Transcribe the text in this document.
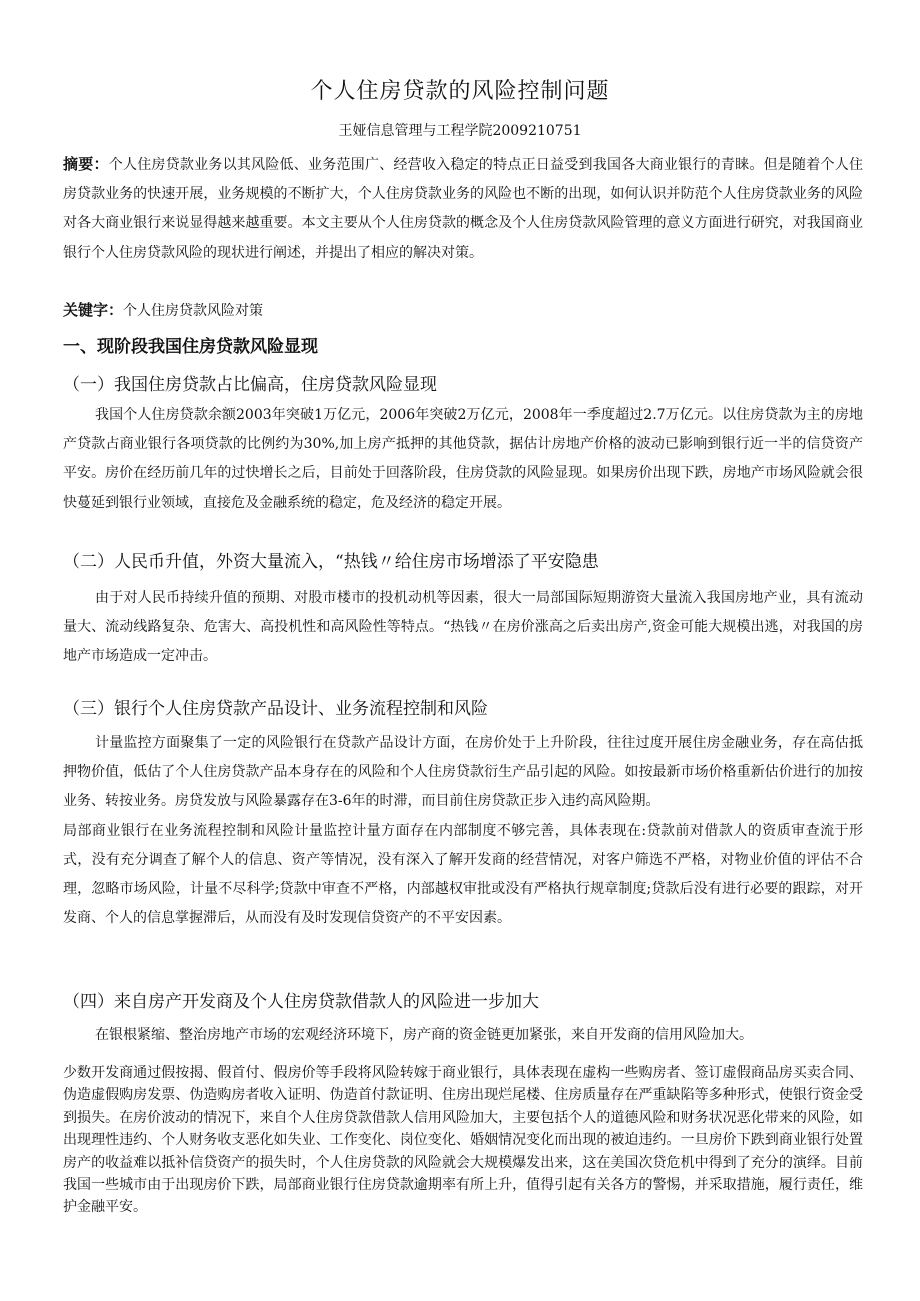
个人住房贷款的风险控制问题
王娅信息管理与工程学院2009210751

摘要：个人住房贷款业务以其风险低、业务范围广、经营收入稳定的特点正日益受到我国各大商业银行的青睐。但是随着个人住房贷款业务的快速开展，业务规模的不断扩大，个人住房贷款业务的风险也不断的出现，如何认识并防范个人住房贷款业务的风险对各大商业银行来说显得越来越重要。本文主要从个人住房贷款的概念及个人住房贷款风险管理的意义方面进行研究，对我国商业银行个人住房贷款风险的现状进行阐述，并提出了相应的解决对策。

关键字：个人住房贷款风险对策

一、现阶段我国住房贷款风险显现

（一）我国住房贷款占比偏高，住房贷款风险显现

我国个人住房贷款余额2003年突破1万亿元，2006年突破2万亿元，2008年一季度超过2.7万亿元。以住房贷款为主的房地产贷款占商业银行各项贷款的比例约为30%,加上房产抵押的其他贷款，据估计房地产价格的波动已影响到银行近一半的信贷资产平安。房价在经历前几年的过快增长之后，目前处于回落阶段，住房贷款的风险显现。如果房价出现下跌，房地产市场风险就会很快蔓延到银行业领域，直接危及金融系统的稳定，危及经济的稳定开展。

（二）人民币升值，外资大量流入，“热钱〃给住房市场增添了平安隐患

由于对人民币持续升值的预期、对股市楼市的投机动机等因素，很大一局部国际短期游资大量流入我国房地产业，具有流动量大、流动线路复杂、危害大、高投机性和高风险性等特点。“热钱〃在房价涨高之后卖出房产,资金可能大规模出逃，对我国的房地产市场造成一定冲击。

（三）银行个人住房贷款产品设计、业务流程控制和风险

计量监控方面聚集了一定的风险银行在贷款产品设计方面，在房价处于上升阶段，往往过度开展住房金融业务，存在高估抵押物价值，低估了个人住房贷款产品本身存在的风险和个人住房贷款衍生产品引起的风险。如按最新市场价格重新估价进行的加按业务、转按业务。房贷发放与风险暴露存在3-6年的时滞，而目前住房贷款正步入违约高风险期。

局部商业银行在业务流程控制和风险计量监控计量方面存在内部制度不够完善，具体表现在:贷款前对借款人的资质审查流于形式，没有充分调查了解个人的信息、资产等情况，没有深入了解开发商的经营情况，对客户筛选不严格，对物业价值的评估不合理，忽略市场风险，计量不尽科学;贷款中审查不严格，内部越权审批或没有严格执行规章制度;贷款后没有进行必要的跟踪，对开发商、个人的信息掌握滞后，从而没有及时发现信贷资产的不平安因素。

（四）来自房产开发商及个人住房贷款借款人的风险进一步加大

在银根紧缩、整治房地产市场的宏观经济环境下，房产商的资金链更加紧张，来自开发商的信用风险加大。

少数开发商通过假按揭、假首付、假房价等手段将风险转嫁于商业银行，具体表现在虚构一些购房者、签订虚假商品房买卖合同、伪造虚假购房发票、伪造购房者收入证明、伪造首付款证明、住房出现烂尾楼、住房质量存在严重缺陷等多种形式，使银行资金受到损失。在房价波动的情况下，来自个人住房贷款借款人信用风险加大，主要包括个人的道德风险和财务状况恶化带来的风险，如出现理性违约、个人财务收支恶化如失业、工作变化、岗位变化、婚姻情况变化而出现的被迫违约。一旦房价下跌到商业银行处置房产的收益难以抵补信贷资产的损失时，个人住房贷款的风险就会大规模爆发出来，这在美国次贷危机中得到了充分的演绎。目前我国一些城市由于出现房价下跌，局部商业银行住房贷款逾期率有所上升，值得引起有关各方的警惕，并采取措施，履行责任，维护金融平安。
